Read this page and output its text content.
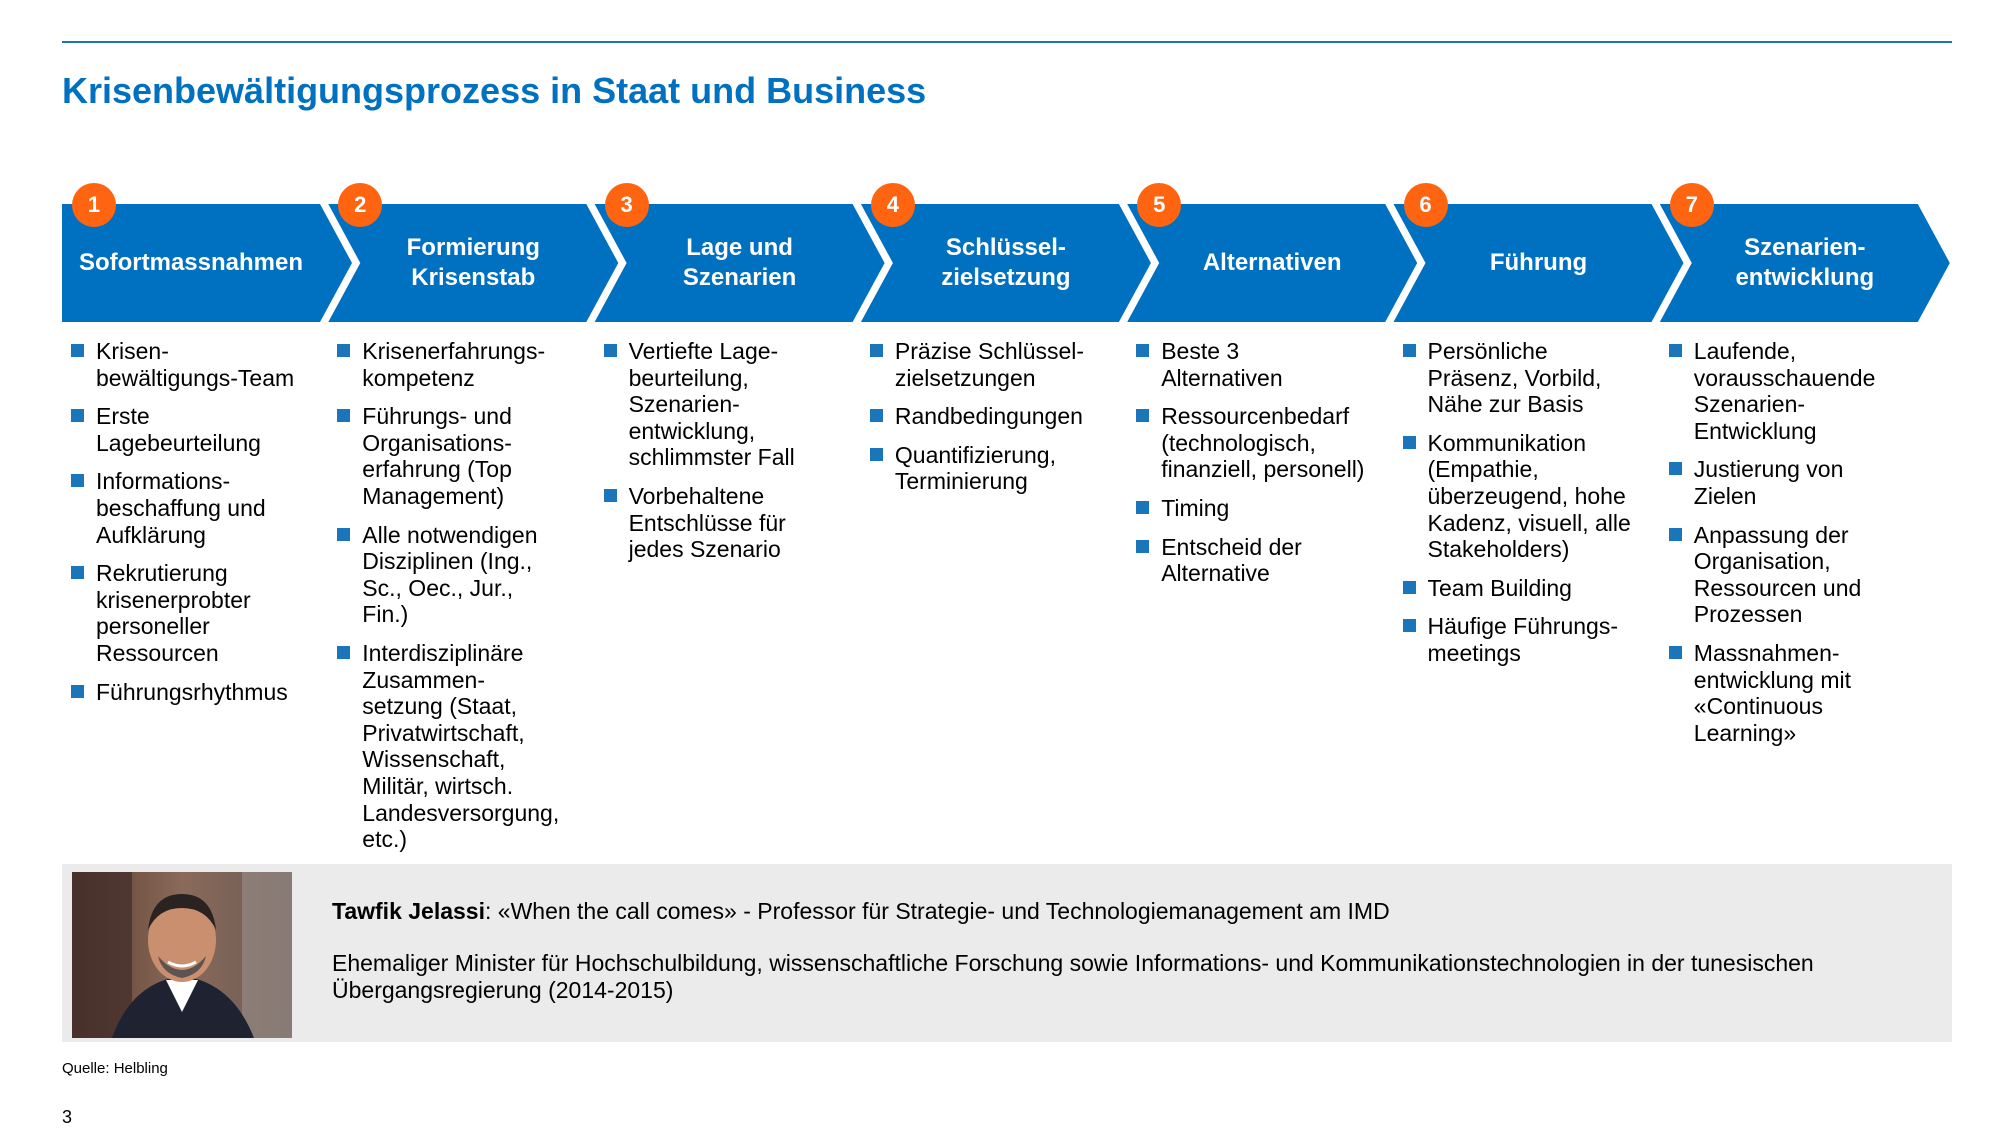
Krisenbewältigungsprozess in Staat und Business
Sofortmassnahmen
1
Formierung
Krisenstab
2
Lage und
Szenarien
3
Schlüssel-
zielsetzung
4
Alternativen
5
Führung
6
Szenarien-
entwicklung
7
Krisen-
bewältigungs-Team
Erste
Lagebeurteilung
Informations-
beschaffung und
Aufklärung
Rekrutierung
krisenerprobter
personeller
Ressourcen
Führungsrhythmus
Krisenerfahrungs-
kompetenz
Führungs- und
Organisations-
erfahrung (Top
Management)
Alle notwendigen
Disziplinen (Ing.,
Sc., Oec., Jur.,
Fin.)
Interdisziplinäre
Zusammen-
setzung (Staat,
Privatwirtschaft,
Wissenschaft,
Militär, wirtsch.
Landesversorgung,
etc.)
Vertiefte Lage-
beurteilung,
Szenarien-
entwicklung,
schlimmster Fall
Vorbehaltene
Entschlüsse für
jedes Szenario
Präzise Schlüssel-
zielsetzungen
Randbedingungen
Quantifizierung,
Terminierung
Beste 3
Alternativen
Ressourcenbedarf
(technologisch,
finanziell, personell)
Timing
Entscheid der
Alternative
Persönliche
Präsenz, Vorbild,
Nähe zur Basis
Kommunikation
(Empathie,
überzeugend, hohe
Kadenz, visuell, alle
Stakeholders)
Team Building
Häufige Führungs-
meetings
Laufende,
vorausschauende
Szenarien-
Entwicklung
Justierung von
Zielen
Anpassung der
Organisation,
Ressourcen und
Prozessen
Massnahmen-
entwicklung mit
«Continuous
Learning»
Tawfik Jelassi: «When the call comes» - Professor für Strategie- und Technologiemanagement am IMD
Ehemaliger Minister für Hochschulbildung, wissenschaftliche Forschung sowie Informations- und Kommunikationstechnologien in der tunesischen Übergangsregierung (2014-2015)
Quelle: Helbling
3
